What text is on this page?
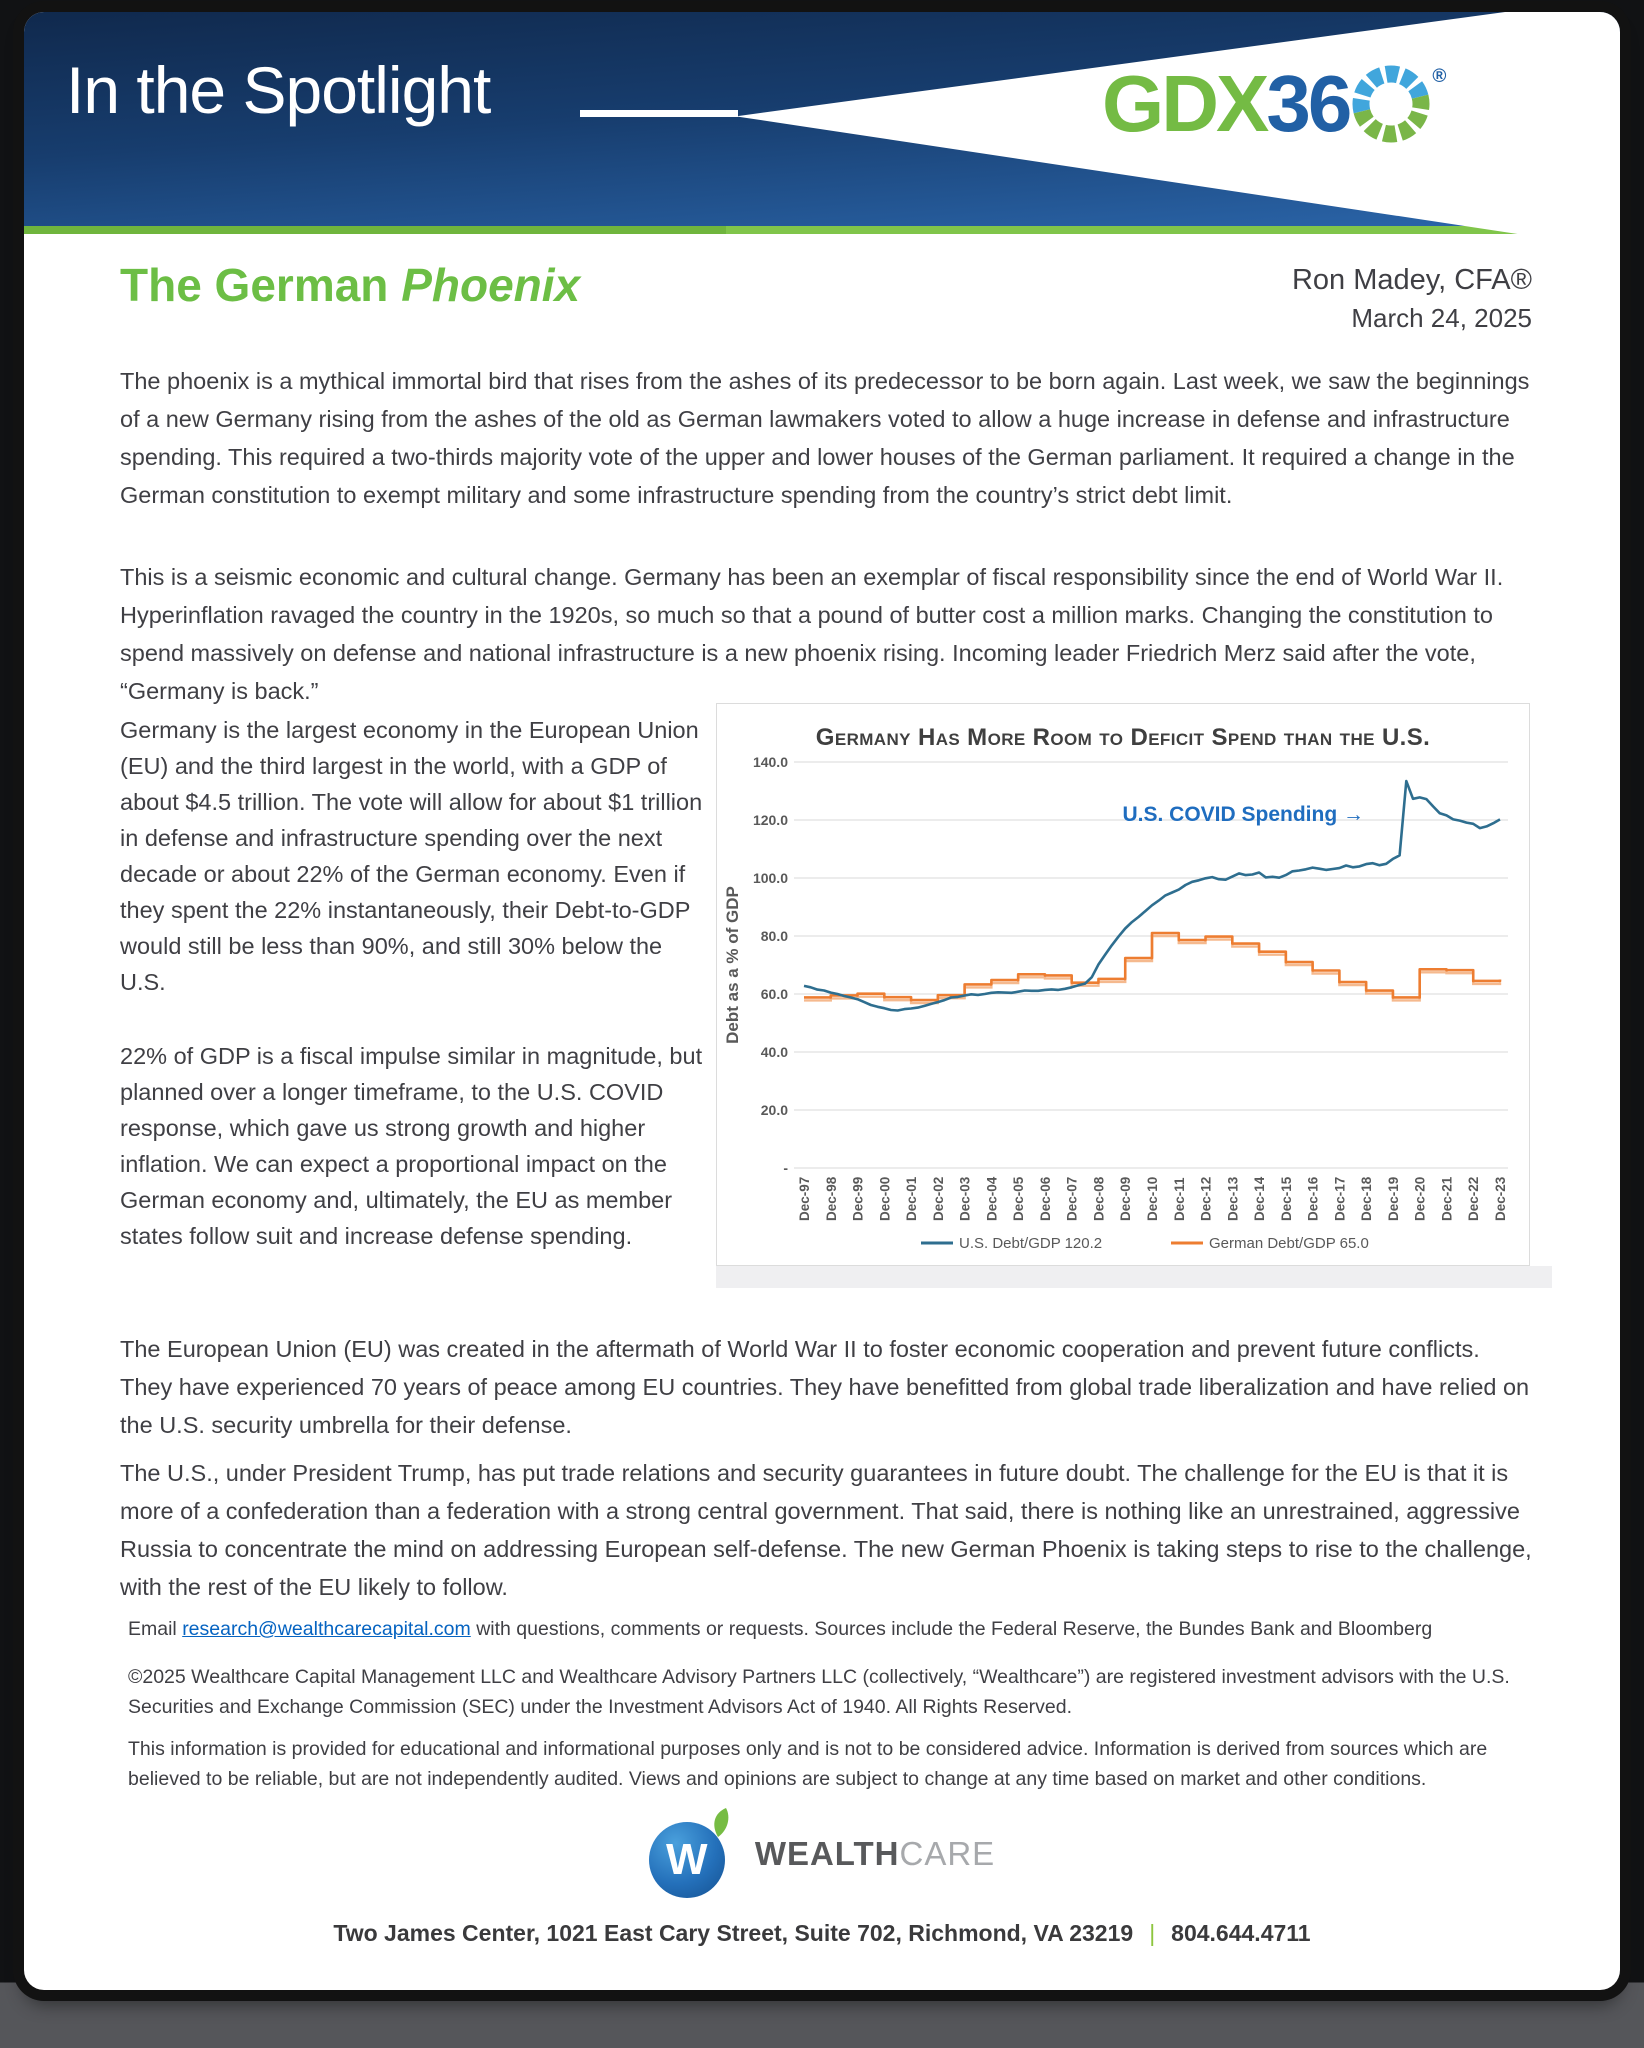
In the Spotlight	GDX 36	®
The German Phoenix	Ron Madey, CFA®
March 24, 2025
The phoenix is a mythical immortal bird that rises from the ashes of its predecessor to be born again. Last week, we saw the beginnings of a new Germany rising from the ashes of the old as German lawmakers voted to allow a huge increase in defense and infrastructure spending. This required a two-thirds majority vote of the upper and lower houses of the German parliament. It required a change in the German constitution to exempt military and some infrastructure spending from the country’s strict debt limit.
This is a seismic economic and cultural change. Germany has been an exemplar of fiscal responsibility since the end of World War II. Hyperinflation ravaged the country in the 1920s, so much so that a pound of butter cost a million marks. Changing the constitution to spend massively on defense and national infrastructure is a new phoenix rising. Incoming leader Friedrich Merz said after the vote, “Germany is back.”
Germany is the largest economy in the European Union (EU) and the third largest in the world, with a GDP of about $4.5 trillion. The vote will allow for about $1 trillion in defense and infrastructure spending over the next decade or about 22% of the German economy. Even if they spent the 22% instantaneously, their Debt-to-GDP would still be less than 90%, and still 30% below the U.S.
22% of GDP is a fiscal impulse similar in magnitude, but planned over a longer timeframe, to the U.S. COVID response, which gave us strong growth and higher inflation. We can expect a proportional impact on the German economy and, ultimately, the EU as member states follow suit and increase defense spending.
140.0
120.0
100.0
80.0
60.0
40.0
20.0
-
Germany Has More Room to Deficit Spend than the U.S.
Debt as a % of GDP
Dec-97 Dec-98 Dec-99 Dec-00 Dec-01 Dec-02 Dec-03 Dec-04 Dec-05 Dec-06 Dec-07 Dec-08 Dec-09 Dec-10 Dec-11 Dec-12 Dec-13 Dec-14 Dec-15 Dec-16 Dec-17 Dec-18 Dec-19 Dec-20 Dec-21 Dec-22 Dec-23
U.S. COVID Spending →
U.S. Debt/GDP 120.2	German Debt/GDP 65.0
The European Union (EU) was created in the aftermath of World War II to foster economic cooperation and prevent future conflicts. They have experienced 70 years of peace among EU countries. They have benefitted from global trade liberalization and have relied on the U.S. security umbrella for their defense.
The U.S., under President Trump, has put trade relations and security guarantees in future doubt. The challenge for the EU is that it is more of a confederation than a federation with a strong central government. That said, there is nothing like an unrestrained, aggressive Russia to concentrate the mind on addressing European self-defense. The new German Phoenix is taking steps to rise to the challenge, with the rest of the EU likely to follow.
Email research@wealthcarecapital.com with questions, comments or requests. Sources include the Federal Reserve, the Bundes Bank and Bloomberg
©2025 Wealthcare Capital Management LLC and Wealthcare Advisory Partners LLC (collectively, “Wealthcare”) are registered investment advisors with the U.S. Securities and Exchange Commission (SEC) under the Investment Advisors Act of 1940. All Rights Reserved.
This information is provided for educational and informational purposes only and is not to be considered advice. Information is derived from sources which are believed to be reliable, but are not independently audited. Views and opinions are subject to change at any time based on market and other conditions.
W WEALTHCARE
Two James Center, 1021 East Cary Street, Suite 702, Richmond, VA 23219 | 804.644.4711
